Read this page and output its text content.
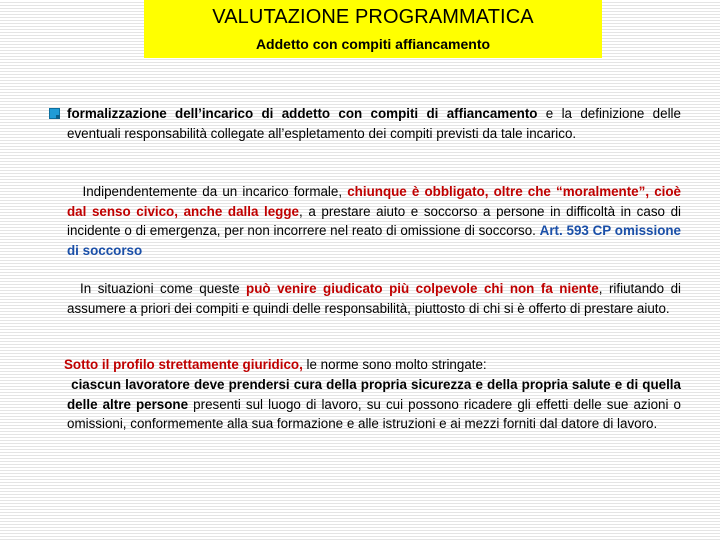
VALUTAZIONE PROGRAMMATICA
Addetto con compiti affiancamento
formalizzazione dell’incarico di addetto con compiti di affiancamento e la definizione delle eventuali responsabilità collegate all’espletamento dei compiti previsti da tale incarico.
Indipendentemente da un incarico formale, chiunque è obbligato, oltre che “moralmente”, cioè dal senso civico, anche dalla legge, a prestare aiuto e soccorso a persone in difficoltà in caso di incidente o di emergenza, per non incorrere nel reato di omissione di soccorso. Art. 593 CP omissione di soccorso
In situazioni come queste può venire giudicato più colpevole chi non fa niente, rifiutando di assumere a priori dei compiti e quindi delle responsabilità, piuttosto di chi si è offerto di prestare aiuto.
Sotto il profilo strettamente giuridico, le norme sono molto stringate:
ciascun lavoratore deve prendersi cura della propria sicurezza e della propria salute e di quella delle altre persone presenti sul luogo di lavoro, su cui possono ricadere gli effetti delle sue azioni o omissioni, conformemente alla sua formazione e alle istruzioni e ai mezzi forniti dal datore di lavoro.
